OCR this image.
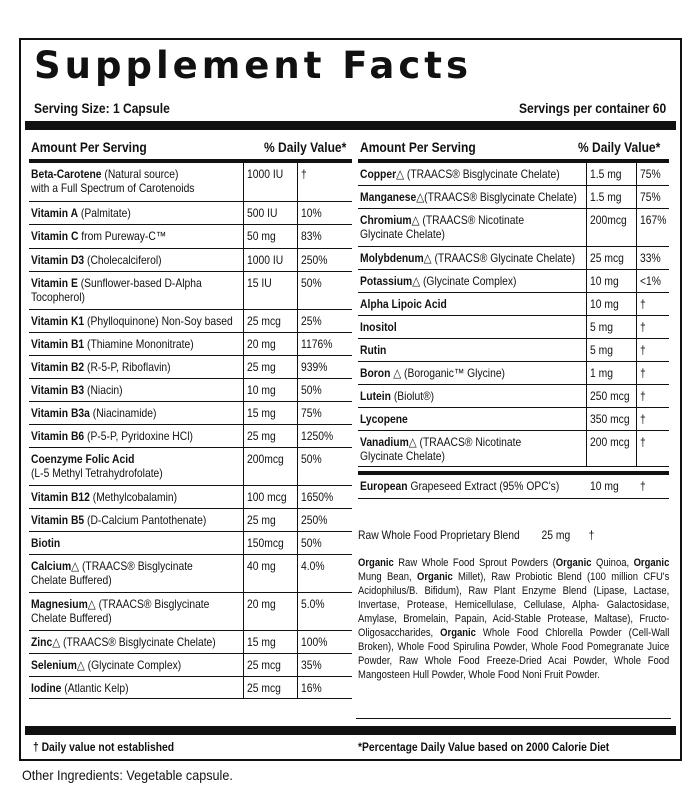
Supplement Facts
Serving Size: 1 Capsule	Servings per container 60
Amount Per Serving	% Daily Value*
Beta-Carotene (Natural source)
with a Full Spectrum of Carotenoids
1000 IU †
Vitamin A (Palmitate)	500 IU 10%
Vitamin C from Pureway-C™	50 mg 83%
Vitamin D3 (Cholecalciferol)	1000 IU 250%
Vitamin E (Sunflower-based D-Alpha
Tocopherol)
15 IU 50%
Vitamin K1 (Phylloquinone) Non-Soy based 25 mcg 25%
Vitamin B1 (Thiamine Mononitrate)	20 mg 1176%
Vitamin B2 (R-5-P, Riboflavin)	25 mg 939%
Vitamin B3 (Niacin)	10 mg 50%
Vitamin B3a (Niacinamide)	15 mg 75%
Vitamin B6 (P-5-P, Pyridoxine HCl)	25 mg 1250%
Coenzyme Folic Acid
(L-5 Methyl Tetrahydrofolate)
200mcg 50%
Vitamin B12 (Methylcobalamin)	100 mcg 1650%
Vitamin B5 (D-Calcium Pantothenate)	25 mg 250%
Biotin	150mcg 50%
Calcium△ (TRAACS® Bisglycinate
Chelate Buffered)
40 mg 4.0%
Magnesium△ (TRAACS® Bisglycinate
Chelate Buffered)
20 mg 5.0%
Zinc△ (TRAACS® Bisglycinate Chelate)	15 mg 100%
Selenium△ (Glycinate Complex)	25 mcg 35%
Iodine (Atlantic Kelp)	25 mcg 16%
Amount Per Serving	% Daily Value*
Copper△ (TRAACS® Bisglycinate Chelate)	1.5 mg 75%
Manganese△(TRAACS® Bisglycinate Chelate) 1.5 mg 75%
Chromium△ (TRAACS® Nicotinate
Glycinate Chelate)
200mcg 167%
Molybdenum△ (TRAACS® Glycinate Chelate) 25 mcg 33%
Potassium△ (Glycinate Complex)	10 mg <1%
Alpha Lipoic Acid	10 mg †
Inositol	5 mg †
Rutin	5 mg †
Boron △ (Boroganic™ Glycine)	1 mg †
Lutein (Biolut®)	250 mcg †
Lycopene	350 mcg †
Vanadium△ (TRAACS® Nicotinate
Glycinate Chelate)
200 mcg †
European Grapeseed Extract (95% OPC's)	10 mg †
Raw Whole Food Proprietary Blend 25 mg †
Organic Raw Whole Food Sprout Powders (Organic Quinoa, Organic Mung Bean, Organic Millet), Raw Probiotic Blend (100 million CFU's Acidophilus/B. Bifidum), Raw Plant Enzyme Blend (Lipase, Lactase, Invertase, Protease, Hemicellulase, Cellulase, Alpha- Galactosidase, Amylase, Bromelain, Papain, Acid-Stable Protease, Maltase), Fructo-Oligosaccharides, Organic Whole Food Chlorella Powder (Cell-Wall Broken), Whole Food Spirulina Powder, Whole Food Pomegranate Juice Powder, Raw Whole Food Freeze-Dried Acai Powder, Whole Food Mangosteen Hull Powder, Whole Food Noni Fruit Powder.
† Daily value not established	*Percentage Daily Value based on 2000 Calorie Diet
Other Ingredients: Vegetable capsule.
